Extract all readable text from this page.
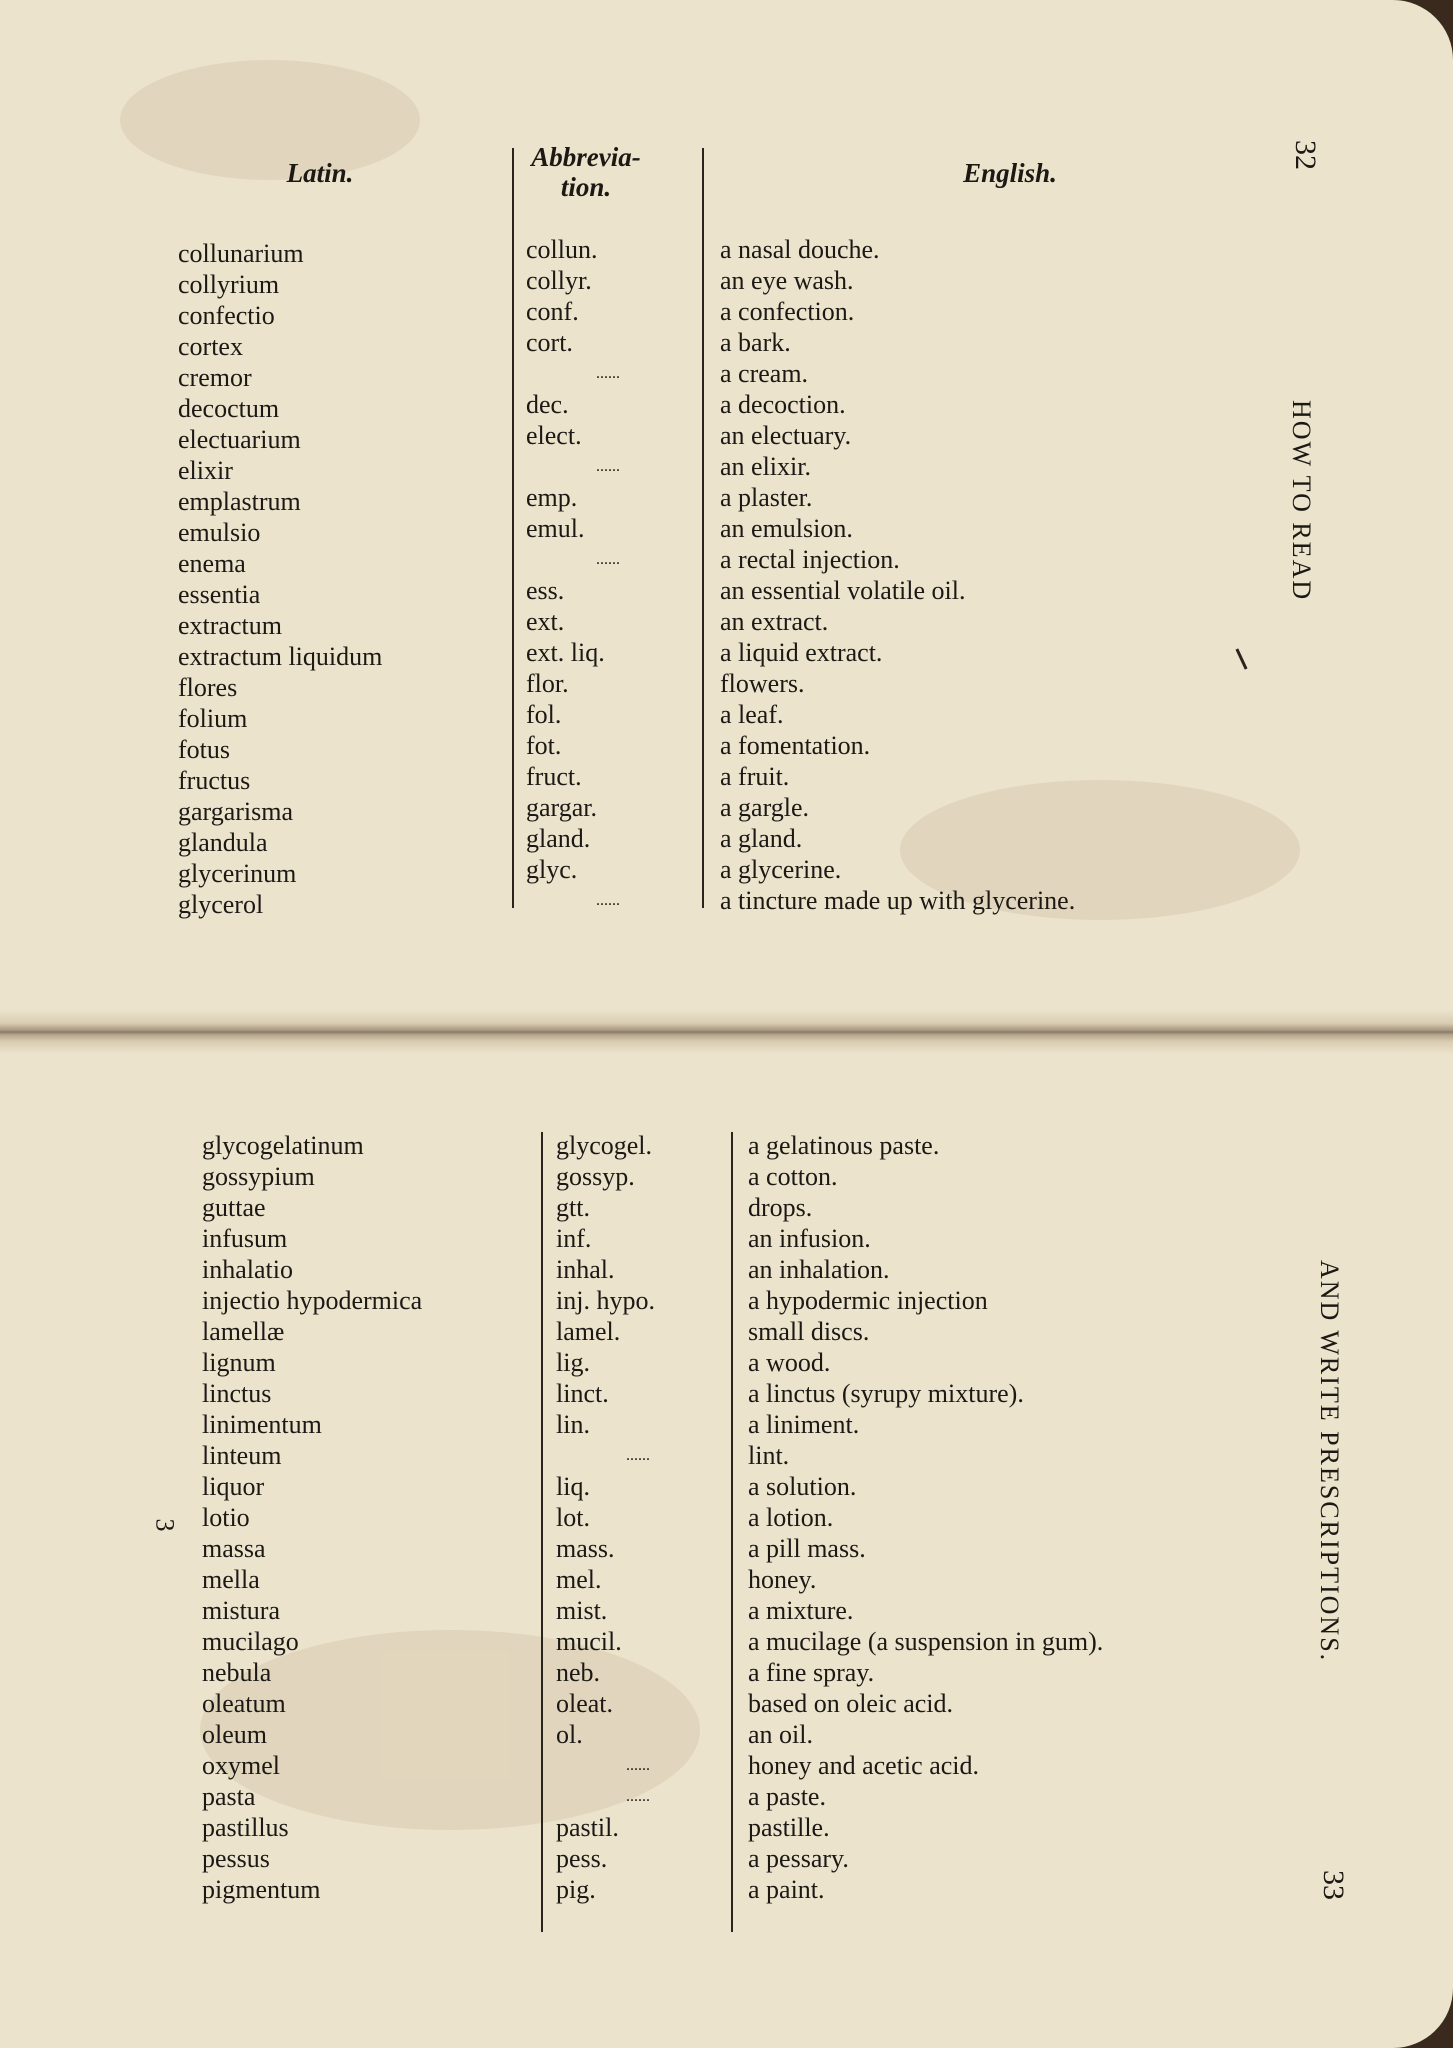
Latin.
Abbrevia-
tion.	English.
collunarium
collyrium
confectio
cortex
cremor
decoctum
electuarium
elixir
emplastrum
emulsio
enema
essentia
extractum
extractum liquidum
flores
folium
fotus
fructus
gargarisma
glandula
glycerinum
glycerol
collun.
collyr.
conf.
cort.
......
dec.
elect.
......
emp.
emul.
......
ess.
ext.
ext. liq.
flor.
fol.
fot.
fruct.
gargar.
gland.
glyc.
......
a nasal douche.
an eye wash.
a confection.
a bark.
a cream.
a decoction.
an electuary.
an elixir.
a plaster.
an emulsion.
a rectal injection.
an essential volatile oil.
an extract.
a liquid extract.
flowers.
a leaf.
a fomentation.
a fruit.
a gargle.
a gland.
a glycerine.
a tincture made up with glycerine.
32
HOW TO READ
glycogelatinum
gossypium
guttae
infusum
inhalatio
injectio hypodermica
lamellæ
lignum
linctus
linimentum
linteum
liquor
lotio
massa
mella
mistura
mucilago
nebula
oleatum
oleum
oxymel
pasta
pastillus
pessus
pigmentum
glycogel.
gossyp.
gtt.
inf.
inhal.
inj. hypo.
lamel.
lig.
linct.
lin.
......
liq.
lot.
mass.
mel.
mist.
mucil.
neb.
oleat.
ol.
......
......
pastil.
pess.
pig.
a gelatinous paste.
a cotton.
drops.
an infusion.
an inhalation.
a hypodermic injection
small discs.
a wood.
a linctus (syrupy mixture).
a liniment.
lint.
a solution.
a lotion.
a pill mass.
honey.
a mixture.
a mucilage (a suspension in gum).
a fine spray.
based on oleic acid.
an oil.
honey and acetic acid.
a paste.
pastille.
a pessary.
a paint.
3	AND WRITE PRESCRIPTIONS.
33
